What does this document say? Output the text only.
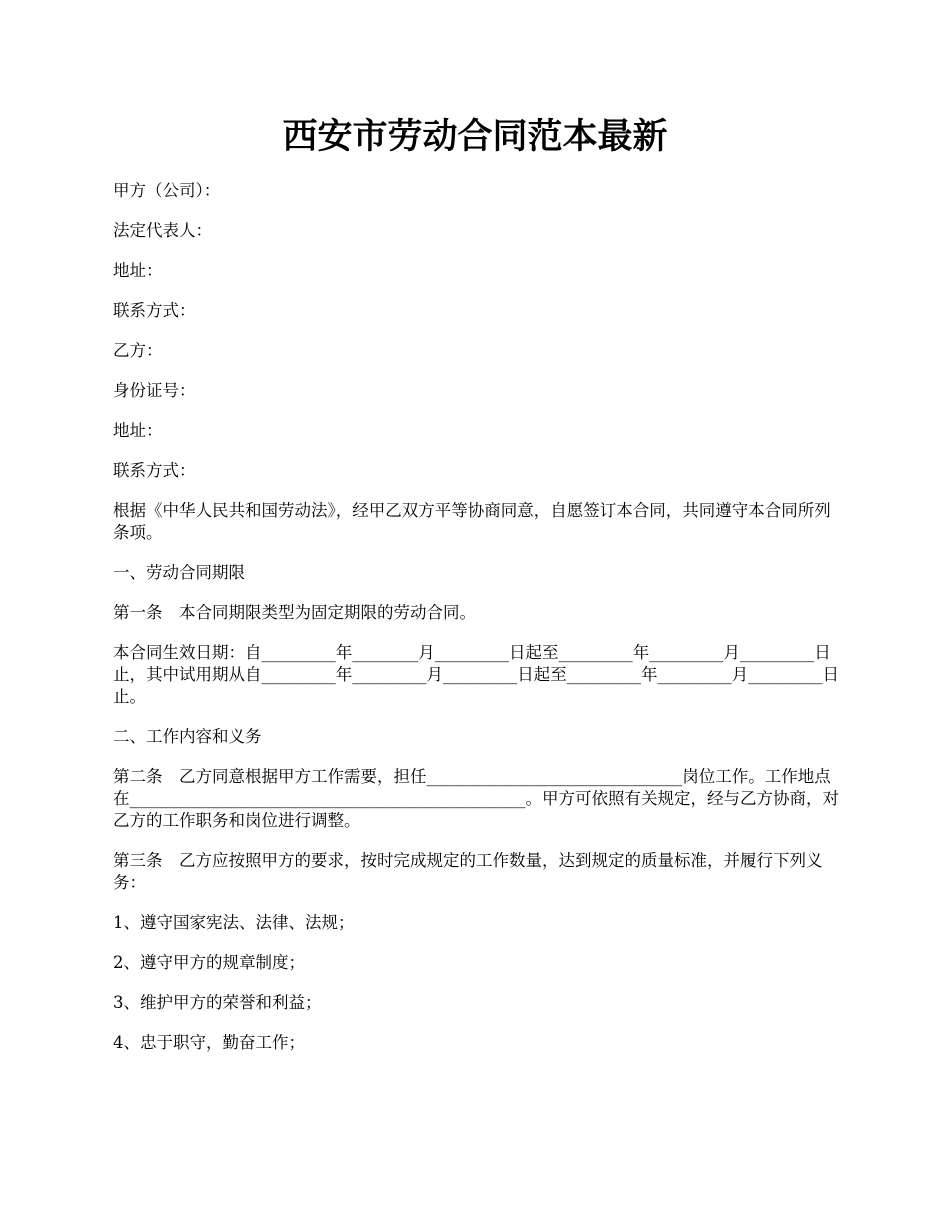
西安市劳动合同范本最新

甲方（公司）：

法定代表人：

地址：

联系方式：

乙方：

身份证号：

地址：

联系方式：

根据《中华人民共和国劳动法》，经甲乙双方平等协商同意，自愿签订本合同，共同遵守本合同所列条项。

一、劳动合同期限

第一条　本合同期限类型为固定期限的劳动合同。

本合同生效日期：自_________年________月_________日起至_________年_________月_________日止，其中试用期从自_________年_________月_________日起至_________年_________月_________日止。

二、工作内容和义务

第二条　乙方同意根据甲方工作需要，担任_______________________________岗位工作。工作地点在________________________________________________。甲方可依照有关规定，经与乙方协商，对乙方的工作职务和岗位进行调整。

第三条　乙方应按照甲方的要求，按时完成规定的工作数量，达到规定的质量标准，并履行下列义务：

1、遵守国家宪法、法律、法规；

2、遵守甲方的规章制度；

3、维护甲方的荣誉和利益；

4、忠于职守，勤奋工作；
